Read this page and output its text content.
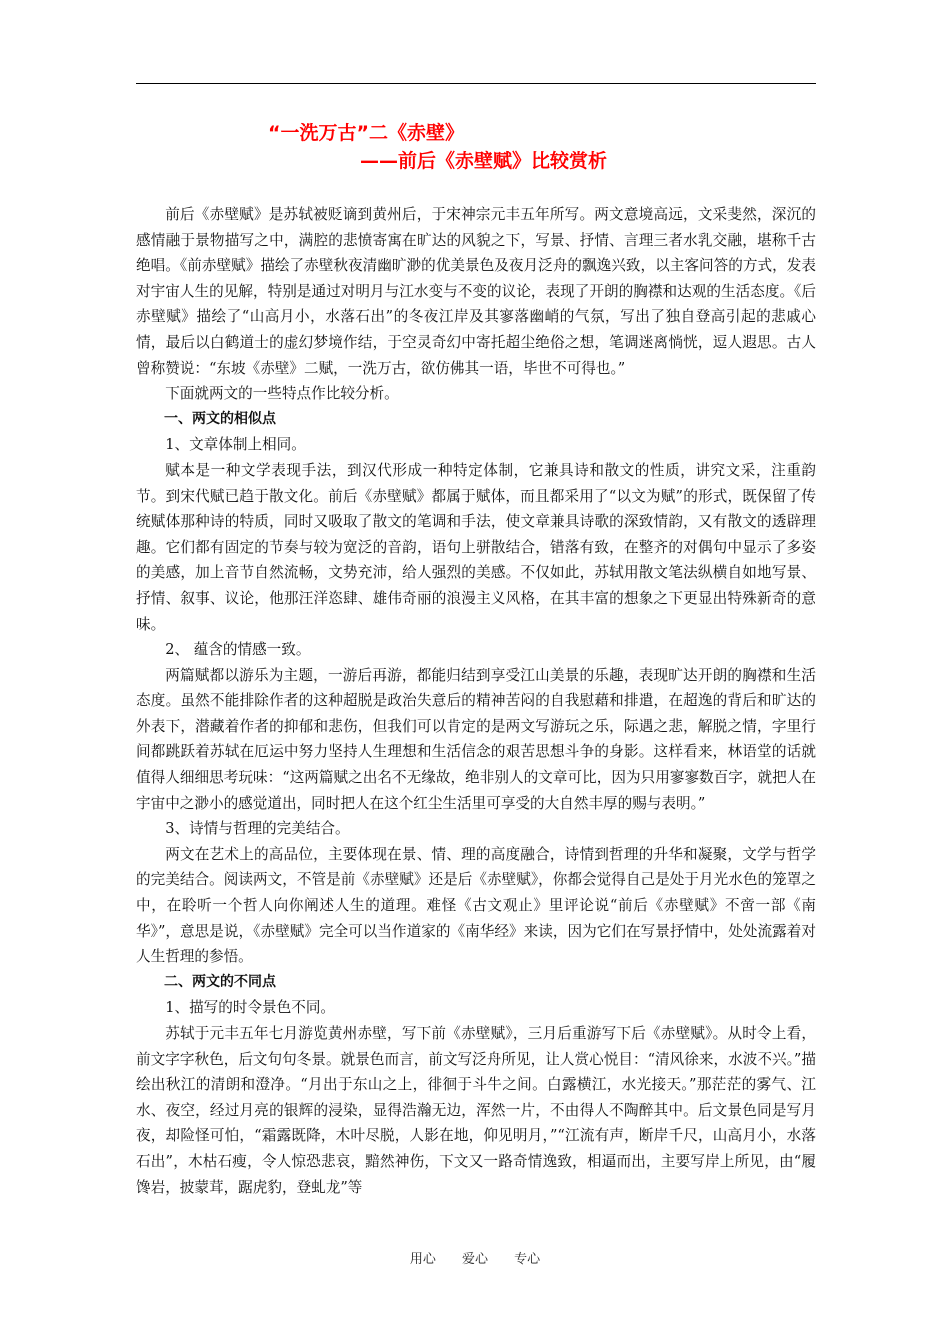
“一洗万古”二《赤壁》
——前后《赤壁赋》比较赏析

前后《赤壁赋》是苏轼被贬谪到黄州后，于宋神宗元丰五年所写。两文意境高远，文采斐然，深沉的感情融于景物描写之中，满腔的悲愤寄寓在旷达的风貌之下，写景、抒情、言理三者水乳交融，堪称千古绝唱。《前赤壁赋》描绘了赤壁秋夜清幽旷渺的优美景色及夜月泛舟的飘逸兴致，以主客问答的方式，发表对宇宙人生的见解，特别是通过对明月与江水变与不变的议论，表现了开朗的胸襟和达观的生活态度。《后赤壁赋》描绘了“山高月小，水落石出”的冬夜江岸及其寥落幽峭的气氛，写出了独自登高引起的悲戚心情，最后以白鹤道士的虚幻梦境作结，于空灵奇幻中寄托超尘绝俗之想，笔调迷离惝恍，逗人遐思。古人曾称赞说：“东坡《赤壁》二赋，一洗万古，欲仿佛其一语，毕世不可得也。”

下面就两文的一些特点作比较分析。

一、两文的相似点

1、文章体制上相同。

赋本是一种文学表现手法，到汉代形成一种特定体制，它兼具诗和散文的性质，讲究文采，注重韵节。到宋代赋已趋于散文化。前后《赤壁赋》都属于赋体，而且都采用了“以文为赋”的形式，既保留了传统赋体那种诗的特质，同时又吸取了散文的笔调和手法，使文章兼具诗歌的深致情韵，又有散文的透辟理趣。它们都有固定的节奏与较为宽泛的音韵，语句上骈散结合，错落有致，在整齐的对偶句中显示了多姿的美感，加上音节自然流畅，文势充沛，给人强烈的美感。不仅如此，苏轼用散文笔法纵横自如地写景、抒情、叙事、议论，他那汪洋恣肆、雄伟奇丽的浪漫主义风格，在其丰富的想象之下更显出特殊新奇的意味。

2、 蕴含的情感一致。

两篇赋都以游乐为主题，一游后再游，都能归结到享受江山美景的乐趣，表现旷达开朗的胸襟和生活态度。虽然不能排除作者的这种超脱是政治失意后的精神苦闷的自我慰藉和排遣，在超逸的背后和旷达的外表下，潜藏着作者的抑郁和悲伤，但我们可以肯定的是两文写游玩之乐，际遇之悲，解脱之情，字里行间都跳跃着苏轼在厄运中努力坚持人生理想和生活信念的艰苦思想斗争的身影。这样看来，林语堂的话就值得人细细思考玩味：“这两篇赋之出名不无缘故，绝非别人的文章可比，因为只用寥寥数百字，就把人在宇宙中之渺小的感觉道出，同时把人在这个红尘生活里可享受的大自然丰厚的赐与表明。”

3、诗情与哲理的完美结合。

两文在艺术上的高品位，主要体现在景、情、理的高度融合，诗情到哲理的升华和凝聚，文学与哲学的完美结合。阅读两文，不管是前《赤壁赋》还是后《赤壁赋》，你都会觉得自己是处于月光水色的笼罩之中，在聆听一个哲人向你阐述人生的道理。难怪《古文观止》里评论说“前后《赤壁赋》不啻一部《南华》”，意思是说，《赤壁赋》完全可以当作道家的《南华经》来读，因为它们在写景抒情中，处处流露着对人生哲理的参悟。

二、两文的不同点

1、描写的时令景色不同。

苏轼于元丰五年七月游览黄州赤壁，写下前《赤壁赋》，三月后重游写下后《赤壁赋》。从时令上看，前文字字秋色，后文句句冬景。就景色而言，前文写泛舟所见，让人赏心悦目：“清风徐来，水波不兴。”描绘出秋江的清朗和澄净。“月出于东山之上，徘徊于斗牛之间。白露横江，水光接天。”那茫茫的雾气、江水、夜空，经过月亮的银辉的浸染，显得浩瀚无边，浑然一片，不由得人不陶醉其中。后文景色同是写月夜，却险怪可怕，“霜露既降，木叶尽脱，人影在地，仰见明月，”“江流有声，断岸千尺，山高月小，水落石出”，木枯石瘦，令人惊恐悲哀，黯然神伤，下文又一路奇情逸致，相逼而出，主要写岸上所见，由“履馋岩，披蒙茸，踞虎豹，登虬龙”等

用心 爱心 专心
